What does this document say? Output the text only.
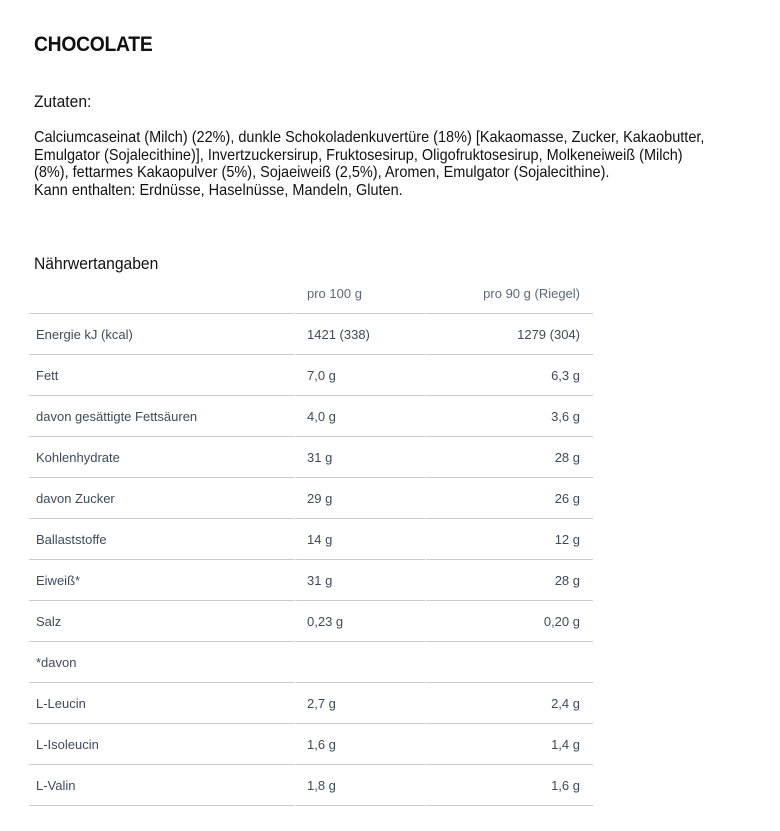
CHOCOLATE
Zutaten:

Calciumcaseinat (Milch) (22%), dunkle Schokoladenkuvertüre (18%) [Kakaomasse, Zucker, Kakaobutter, Emulgator (Sojalecithine)], Invertzuckersirup, Fruktosesirup, Oligofruktosesirup, Molkeneiweiß (Milch) (8%), fettarmes Kakaopulver (5%), Sojaeiweiß (2,5%), Aromen, Emulgator (Sojalecithine).

Kann enthalten: Erdnüsse, Haselnüsse, Mandeln, Gluten.

Nährwertangaben
	pro 100 g	pro 90 g (Riegel)
Energie kJ (kcal)	1421 (338)	1279 (304)
Fett	7,0 g	6,3 g
davon gesättigte Fettsäuren	4,0 g	3,6 g
Kohlenhydrate	31 g	28 g
davon Zucker	29 g	26 g
Ballaststoffe	14 g	12 g
Eiweiß*	31 g	28 g
Salz	0,23 g	0,20 g
*davon		
L-Leucin	2,7 g	2,4 g
L-Isoleucin	1,6 g	1,4 g
L-Valin	1,8 g	1,6 g
